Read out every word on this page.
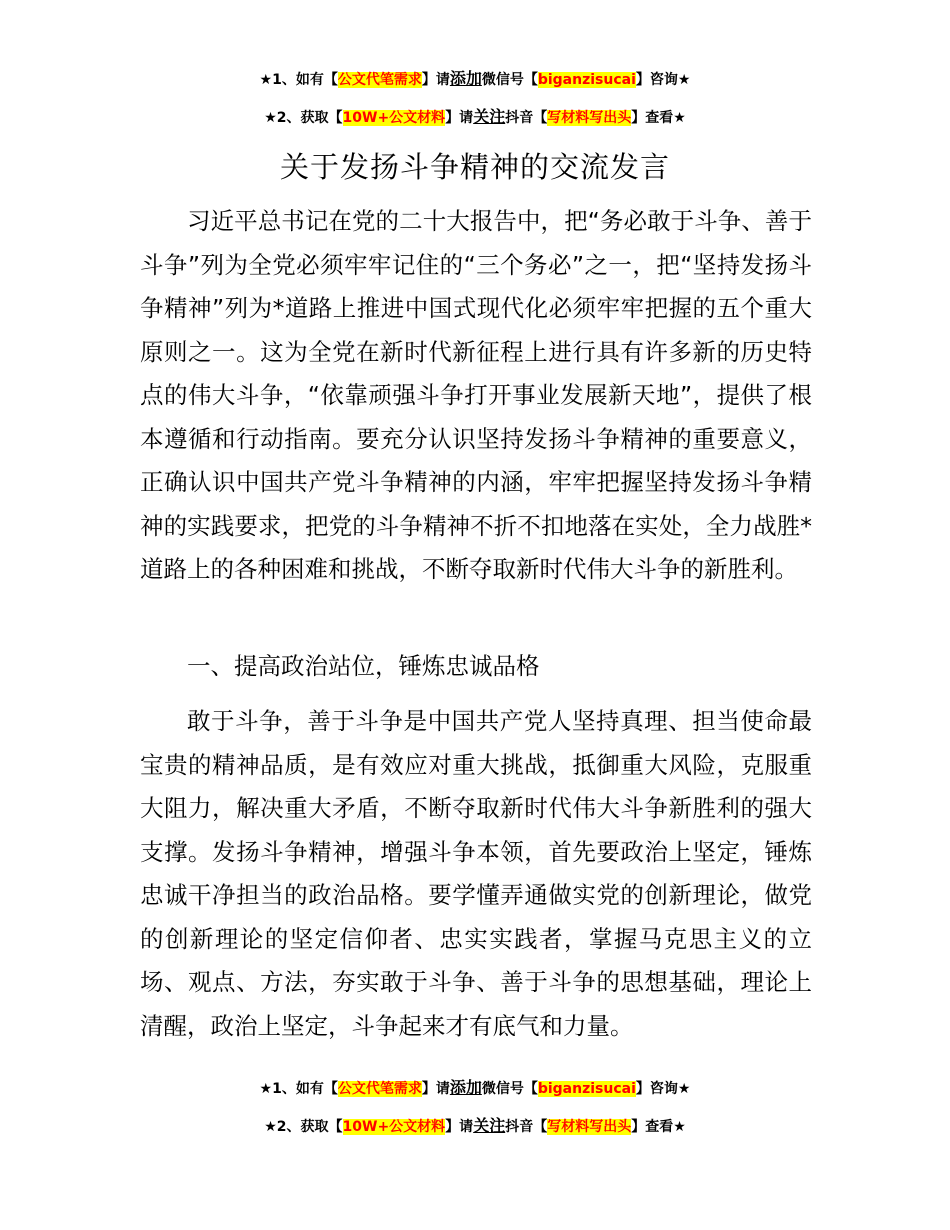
★1、如有【公文代笔需求】请添加微信号【biganzisucai】咨询★
★2、获取【10W+公文材料】请关注抖音【写材料写出头】查看★
关于发扬斗争精神的交流发言

习近平总书记在党的二十大报告中，把“务必敢于斗争、善于斗争”列为全党必须牢牢记住的“三个务必”之一，把“坚持发扬斗争精神”列为*道路上推进中国式现代化必须牢牢把握的五个重大原则之一。这为全党在新时代新征程上进行具有许多新的历史特点的伟大斗争，“依靠顽强斗争打开事业发展新天地”，提供了根本遵循和行动指南。要充分认识坚持发扬斗争精神的重要意义，正确认识中国共产党斗争精神的内涵，牢牢把握坚持发扬斗争精神的实践要求，把党的斗争精神不折不扣地落在实处，全力战胜*道路上的各种困难和挑战，不断夺取新时代伟大斗争的新胜利。

一、提高政治站位，锤炼忠诚品格

敢于斗争，善于斗争是中国共产党人坚持真理、担当使命最宝贵的精神品质，是有效应对重大挑战，抵御重大风险，克服重大阻力，解决重大矛盾，不断夺取新时代伟大斗争新胜利的强大支撑。发扬斗争精神，增强斗争本领，首先要政治上坚定，锤炼忠诚干净担当的政治品格。要学懂弄通做实党的创新理论，做党的创新理论的坚定信仰者、忠实实践者，掌握马克思主义的立场、观点、方法，夯实敢于斗争、善于斗争的思想基础，理论上清醒，政治上坚定，斗争起来才有底气和力量。

★1、如有【公文代笔需求】请添加微信号【biganzisucai】咨询★
★2、获取【10W+公文材料】请关注抖音【写材料写出头】查看★
